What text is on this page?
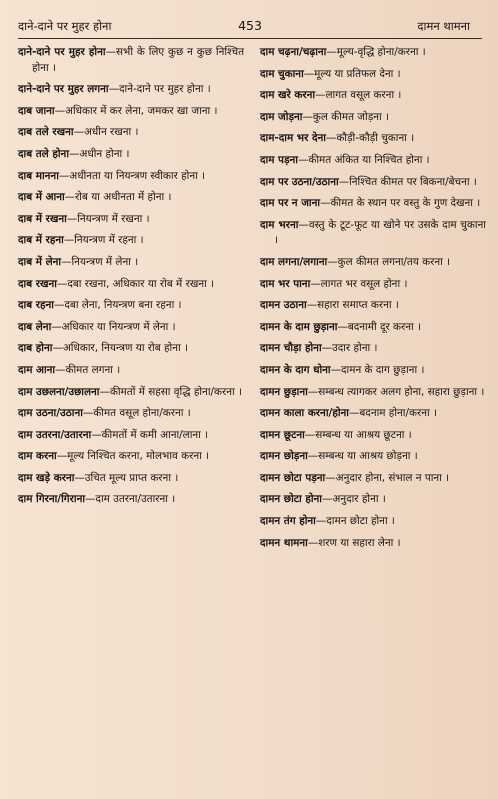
दाने-दाने पर मुहर होना	453	दामन थामना

दाने-दाने पर मुहर होना—सभी के लिए कुछ न कुछ निश्चित होना ।

दाने-दाने पर मुहर लगना—दाने-दाने पर मुहर होना ।

दाब जाना—अधिकार में कर लेना, जमकर खा जाना ।

दाब तले रखना—अधीन रखना ।

दाब तले होना—अधीन होना ।

दाब मानना—अधीनता या नियन्त्रण स्वीकार होना ।

दाब में आना—रोब या अधीनता में होना ।

दाब में रखना—नियन्त्रण में रखना ।

दाब में रहना—नियन्त्रण में रहना ।

दाब में लेना—नियन्त्रण में लेना ।

दाब रखना—दबा रखना, अधिकार या रोब में रखना ।

दाब रहना—दबा लेना, नियन्त्रण बना रहना ।

दाब लेना—अधिकार या नियन्त्रण में लेना ।

दाब होना—अधिकार, नियन्त्रण या रोब होना ।

दाम आना—कीमत लगना ।

दाम उछलना/उछालना—कीमतों में सहसा वृद्धि होना/करना ।

दाम उठना/उठाना—कीमत वसूल होना/करना ।

दाम उतरना/उतारना—कीमतों में कमी आना/लाना ।

दाम करना—मूल्य निश्चित करना, मोलभाव करना ।

दाम खड़े करना—उचित मूल्य प्राप्त करना ।

दाम गिरना/गिराना—दाम उतरना/उतारना ।

दाम चढ़ना/चढ़ाना—मूल्य-वृद्धि होना/करना ।

दाम चुकाना—मूल्य या प्रतिफल देना ।

दाम खरे करना—लागत वसूल करना ।

दाम जोड़ना—कुल कीमत जोड़ना ।

दाम-दाम भर देना—कौड़ी-कौड़ी चुकाना ।

दाम पड़ना—कीमत अंकित या निश्चित होना ।

दाम पर उठना/उठाना—निश्चित कीमत पर बिकना/बेचना ।

दाम पर न जाना—कीमत के स्थान पर वस्तु के गुण देखना ।

दाम भरना—वस्तु के टूट-फूट या खोने पर उसके दाम चुकाना ।

दाम लगना/लगाना—कुल कीमत लगना/तय करना ।

दाम भर पाना—लागत भर वसूल होना ।

दामन उठाना—सहारा समाप्त करना ।

दामन के दाम छुड़ाना—बदनामी दूर करना ।

दामन चौड़ा होना—उदार होना ।

दामन के दाग धोना—दामन के दाग छुड़ाना ।

दामन छुड़ाना—सम्बन्ध त्यागकर अलग होना, सहारा छुड़ाना ।

दामन काला करना/होना—बदनाम होना/करना ।

दामन छूटना—सम्बन्ध या आश्रय छूटना ।

दामन छोड़ना—सम्बन्ध या आश्रय छोड़ना ।

दामन छोटा पड़ना—अनुदार होना, संभाल न पाना ।

दामन छोटा होना—अनुदार होना ।

दामन तंग होना—दामन छोटा होना ।

दामन थामना—शरण या सहारा लेना ।
